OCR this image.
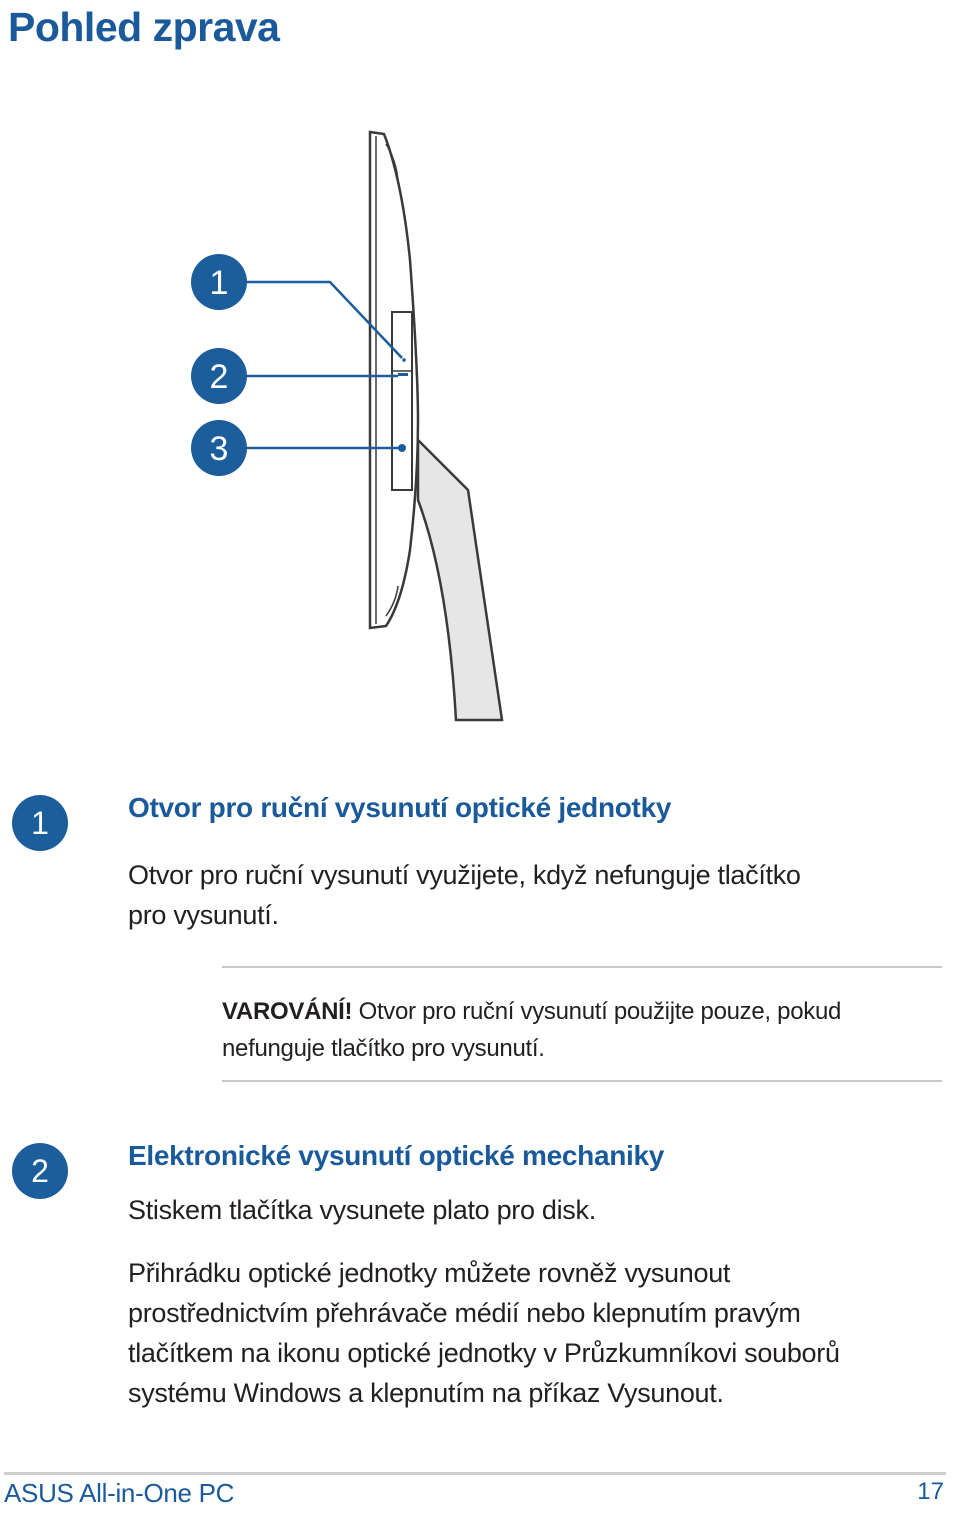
Pohled zprava
1
2
3
1	Otvor pro ruční vysunutí optické jednotky

Otvor pro ruční vysunutí využijete, když nefunguje tlačítko

pro vysunutí.

VAROVÁNÍ! Otvor pro ruční vysunutí použijte pouze, pokud
nefunguje tlačítko pro vysunutí.

2	Elektronické vysunutí optické mechaniky

Stiskem tlačítka vysunete plato pro disk.

Přihrádku optické jednotky můžete rovněž vysunout

prostřednictvím přehrávače médií nebo klepnutím pravým

tlačítkem na ikonu optické jednotky v Průzkumníkovi souborů

systému Windows a klepnutím na příkaz Vysunout.

ASUS All-in-One PC	17
